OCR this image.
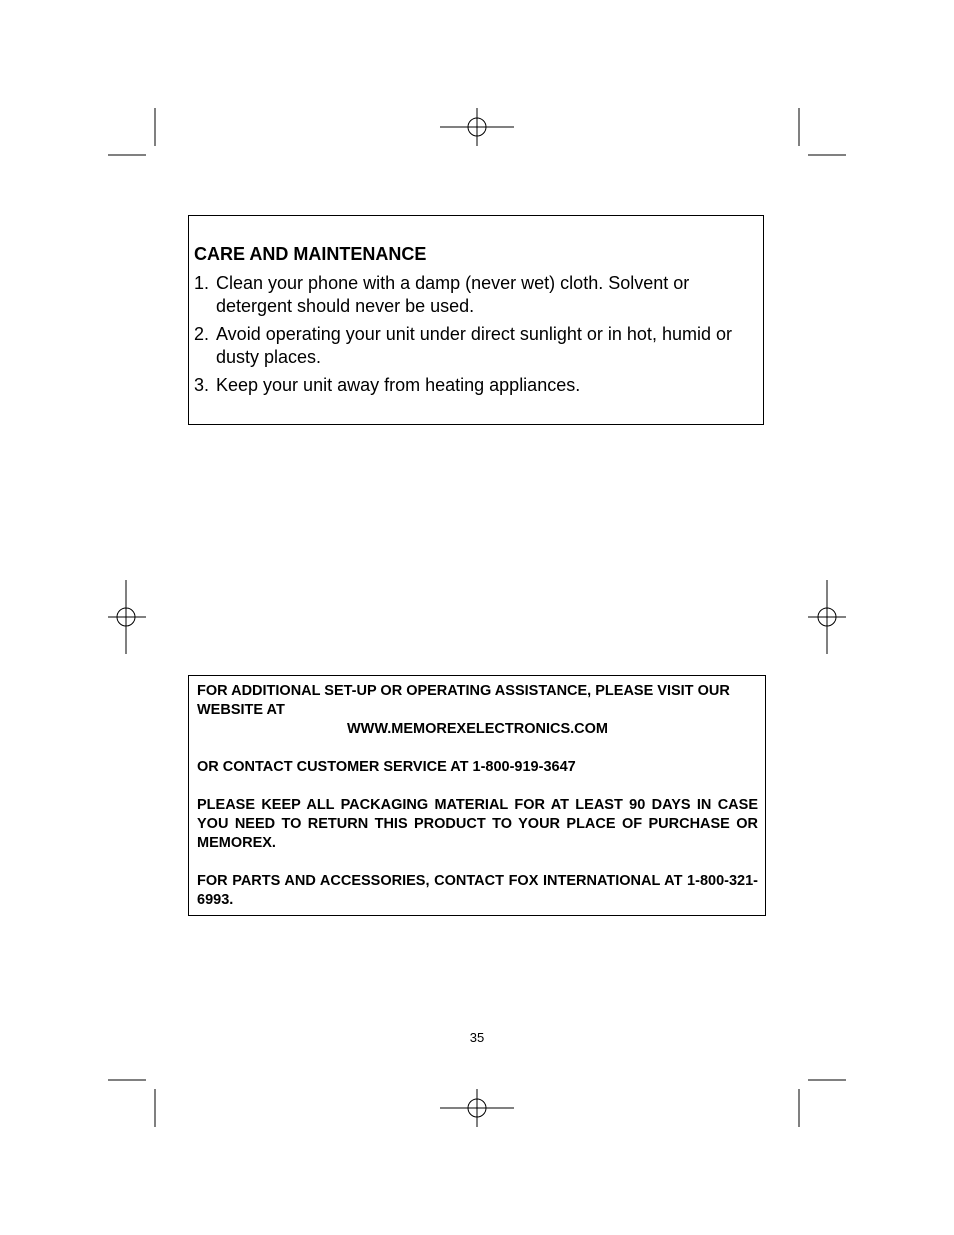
CARE AND MAINTENANCE
1. Clean your phone with a damp (never wet) cloth. Solvent or detergent should never be used.
2. Avoid operating your unit under direct sunlight or in hot, humid or dusty places.
3. Keep your unit away from heating appliances.

FOR ADDITIONAL SET-UP OR OPERATING ASSISTANCE, PLEASE VISIT OUR WEBSITE AT

WWW.MEMOREXELECTRONICS.COM

OR CONTACT CUSTOMER SERVICE AT 1-800-919-3647

PLEASE KEEP ALL PACKAGING MATERIAL FOR AT LEAST 90 DAYS IN CASE YOU NEED TO RETURN THIS PRODUCT TO YOUR PLACE OF PURCHASE OR MEMOREX.

FOR PARTS AND ACCESSORIES, CONTACT FOX INTERNATIONAL AT 1-800-321-6993.

35
